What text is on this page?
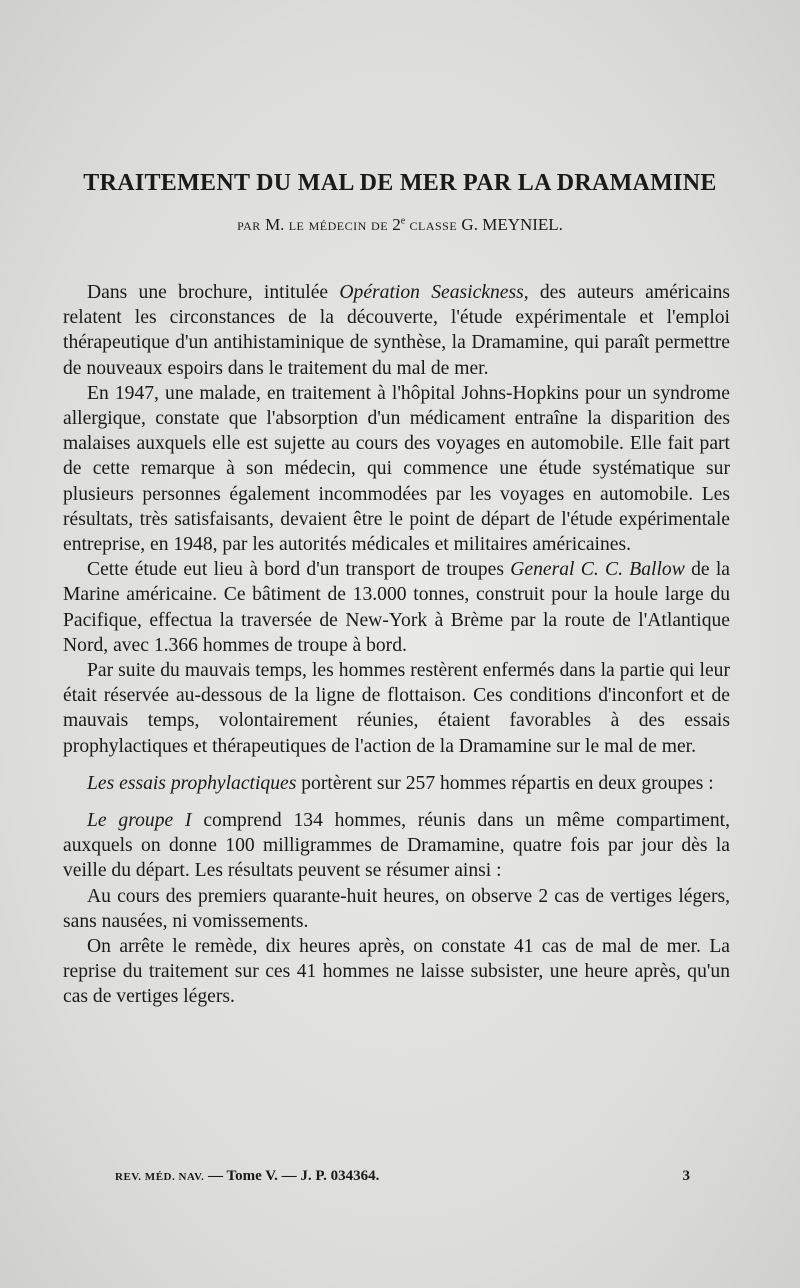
TRAITEMENT DU MAL DE MER PAR LA DRAMAMINE
PAR M. LE MÉDECIN DE 2e CLASSE G. MEYNIEL.

Dans une brochure, intitulée Opération Seasickness, des auteurs américains relatent les circonstances de la découverte, l'étude expérimentale et l'emploi thérapeutique d'un antihistaminique de synthèse, la Dramamine, qui paraît permettre de nouveaux espoirs dans le traitement du mal de mer.

En 1947, une malade, en traitement à l'hôpital Johns-Hopkins pour un syndrome allergique, constate que l'absorption d'un médicament entraîne la disparition des malaises auxquels elle est sujette au cours des voyages en automobile. Elle fait part de cette remarque à son médecin, qui commence une étude systématique sur plusieurs personnes également incommodées par les voyages en automobile. Les résultats, très satisfaisants, devaient être le point de départ de l'étude expérimentale entreprise, en 1948, par les autorités médicales et militaires américaines.

Cette étude eut lieu à bord d'un transport de troupes General C. C. Ballow de la Marine américaine. Ce bâtiment de 13.000 tonnes, construit pour la houle large du Pacifique, effectua la traversée de New-York à Brème par la route de l'Atlantique Nord, avec 1.366 hommes de troupe à bord.

Par suite du mauvais temps, les hommes restèrent enfermés dans la partie qui leur était réservée au-dessous de la ligne de flottaison. Ces conditions d'inconfort et de mauvais temps, volontairement réunies, étaient favorables à des essais prophylactiques et thérapeutiques de l'action de la Dramamine sur le mal de mer.

Les essais prophylactiques portèrent sur 257 hommes répartis en deux groupes :

Le groupe I comprend 134 hommes, réunis dans un même compartiment, auxquels on donne 100 milligrammes de Dramamine, quatre fois par jour dès la veille du départ. Les résultats peuvent se résumer ainsi :

Au cours des premiers quarante-huit heures, on observe 2 cas de vertiges légers, sans nausées, ni vomissements.

On arrête le remède, dix heures après, on constate 41 cas de mal de mer. La reprise du traitement sur ces 41 hommes ne laisse subsister, une heure après, qu'un cas de vertiges légers.

REV. MÉD. NAV. — Tome V. — J. P. 034364.	3
